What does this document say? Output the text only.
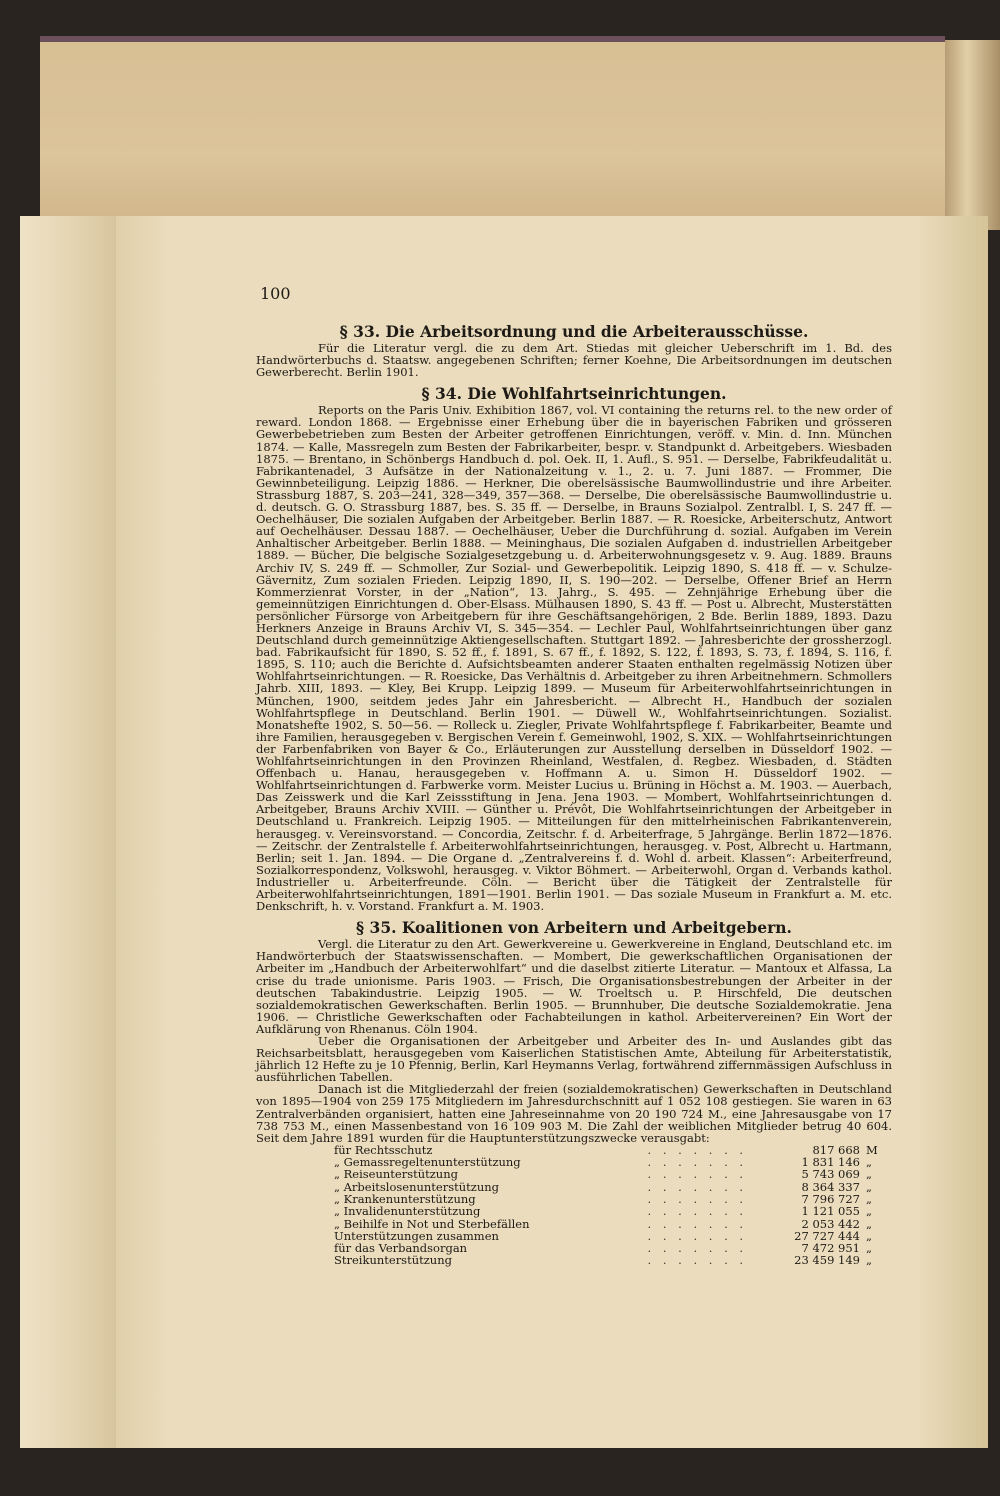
100
§ 33. Die Arbeitsordnung und die Arbeiterausschüsse.

Für die Literatur vergl. die zu dem Art. Stiedas mit gleicher Ueberschrift im 1. Bd. des Handwörterbuchs d. Staatsw. angegebenen Schriften; ferner Koehne, Die Arbeitsordnungen im deutschen Gewerberecht. Berlin 1901.

§ 34. Die Wohlfahrtseinrichtungen.

Reports on the Paris Univ. Exhibition 1867, vol. VI containing the returns rel. to the new order of reward. London 1868. — Ergebnisse einer Erhebung über die in bayerischen Fabriken und grösseren Gewerbebetrieben zum Besten der Arbeiter getroffenen Einrichtungen, veröff. v. Min. d. Inn. München 1874. — Kalle, Massregeln zum Besten der Fabrikarbeiter, bespr. v. Standpunkt d. Arbeitgebers. Wiesbaden 1875. — Brentano, in Schönbergs Handbuch d. pol. Oek. II, 1. Aufl., S. 951. — Derselbe, Fabrikfeudalität u. Fabrikantenadel, 3 Aufsätze in der Nationalzeitung v. 1., 2. u. 7. Juni 1887. — Frommer, Die Gewinnbeteiligung. Leipzig 1886. — Herkner, Die oberelsässische Baumwollindustrie und ihre Arbeiter. Strassburg 1887, S. 203—241, 328—349, 357—368. — Derselbe, Die oberelsässische Baumwollindustrie u. d. deutsch. G. O. Strassburg 1887, bes. S. 35 ff. — Derselbe, in Brauns Sozialpol. Zentralbl. I, S. 247 ff. — Oechelhäuser, Die sozialen Aufgaben der Arbeitgeber. Berlin 1887. — R. Roesicke, Arbeiterschutz, Antwort auf Oechelhäuser. Dessau 1887. — Oechelhäuser, Ueber die Durchführung d. sozial. Aufgaben im Verein Anhaltischer Arbeitgeber. Berlin 1888. — Meininghaus, Die sozialen Aufgaben d. industriellen Arbeitgeber 1889. — Bücher, Die belgische Sozialgesetzgebung u. d. Arbeiterwohnungsgesetz v. 9. Aug. 1889. Brauns Archiv IV, S. 249 ff. — Schmoller, Zur Sozial- und Gewerbepolitik. Leipzig 1890, S. 418 ff. — v. Schulze-Gävernitz, Zum sozialen Frieden. Leipzig 1890, II, S. 190—202. — Derselbe, Offener Brief an Herrn Kommerzienrat Vorster, in der „Nation“, 13. Jahrg., S. 495. — Zehnjährige Erhebung über die gemeinnützigen Einrichtungen d. Ober-Elsass. Mülhausen 1890, S. 43 ff. — Post u. Albrecht, Musterstätten persönlicher Fürsorge von Arbeitgebern für ihre Geschäftsangehörigen, 2 Bde. Berlin 1889, 1893. Dazu Herkners Anzeige in Brauns Archiv VI, S. 345—354. — Lechler Paul, Wohlfahrtseinrichtungen über ganz Deutschland durch gemeinnützige Aktiengesellschaften. Stuttgart 1892. — Jahresberichte der grossherzogl. bad. Fabrikaufsicht für 1890, S. 52 ff., f. 1891, S. 67 ff., f. 1892, S. 122, f. 1893, S. 73, f. 1894, S. 116, f. 1895, S. 110; auch die Berichte d. Aufsichtsbeamten anderer Staaten enthalten regelmässig Notizen über Wohlfahrtseinrichtungen. — R. Roesicke, Das Verhältnis d. Arbeitgeber zu ihren Arbeitnehmern. Schmollers Jahrb. XIII, 1893. — Kley, Bei Krupp. Leipzig 1899. — Museum für Arbeiterwohlfahrtseinrichtungen in München, 1900, seitdem jedes Jahr ein Jahresbericht. — Albrecht H., Handbuch der sozialen Wohlfahrtspflege in Deutschland. Berlin 1901. — Düwell W., Wohlfahrtseinrichtungen. Sozialist. Monatshefte 1902, S. 50—56. — Rolleck u. Ziegler, Private Wohlfahrtspflege f. Fabrikarbeiter, Beamte und ihre Familien, herausgegeben v. Bergischen Verein f. Gemeinwohl, 1902, S. XIX. — Wohlfahrtseinrichtungen der Farbenfabriken von Bayer & Co., Erläuterungen zur Ausstellung derselben in Düsseldorf 1902. — Wohlfahrtseinrichtungen in den Provinzen Rheinland, Westfalen, d. Regbez. Wiesbaden, d. Städten Offenbach u. Hanau, herausgegeben v. Hoffmann A. u. Simon H. Düsseldorf 1902. — Wohlfahrtseinrichtungen d. Farbwerke vorm. Meister Lucius u. Brüning in Höchst a. M. 1903. — Auerbach, Das Zeisswerk und die Karl Zeissstiftung in Jena. Jena 1903. — Mombert, Wohlfahrtseinrichtungen d. Arbeitgeber, Brauns Archiv XVIII. — Günther u. Prévôt, Die Wohlfahrtseinrichtungen der Arbeitgeber in Deutschland u. Frankreich. Leipzig 1905. — Mitteilungen für den mittelrheinischen Fabrikantenverein, herausgeg. v. Vereinsvorstand. — Concordia, Zeitschr. f. d. Arbeiterfrage, 5 Jahrgänge. Berlin 1872—1876. — Zeitschr. der Zentralstelle f. Arbeiterwohlfahrtseinrichtungen, herausgeg. v. Post, Albrecht u. Hartmann, Berlin; seit 1. Jan. 1894. — Die Organe d. „Zentralvereins f. d. Wohl d. arbeit. Klassen“: Arbeiterfreund, Sozialkorrespondenz, Volkswohl, herausgeg. v. Viktor Böhmert. — Arbeiterwohl, Organ d. Verbands kathol. Industrieller u. Arbeiterfreunde. Cöln. — Bericht über die Tätigkeit der Zentralstelle für Arbeiterwohlfahrtseinrichtungen, 1891—1901. Berlin 1901. — Das soziale Museum in Frankfurt a. M. etc. Denkschrift, h. v. Vorstand. Frankfurt a. M. 1903.

§ 35. Koalitionen von Arbeitern und Arbeitgebern.

Vergl. die Literatur zu den Art. Gewerkvereine u. Gewerkvereine in England, Deutschland etc. im Handwörterbuch der Staatswissenschaften. — Mombert, Die gewerkschaftlichen Organisationen der Arbeiter im „Handbuch der Arbeiterwohlfart“ und die daselbst zitierte Literatur. — Mantoux et Alfassa, La crise du trade unionisme. Paris 1903. — Frisch, Die Organisationsbestrebungen der Arbeiter in der deutschen Tabakindustrie. Leipzig 1905. — W. Troeltsch u. P. Hirschfeld, Die deutschen sozialdemokratischen Gewerkschaften. Berlin 1905. — Brunnhuber, Die deutsche Sozialdemokratie. Jena 1906. — Christliche Gewerkschaften oder Fachabteilungen in kathol. Arbeitervereinen? Ein Wort der Aufklärung von Rhenanus. Cöln 1904.

Ueber die Organisationen der Arbeitgeber und Arbeiter des In- und Auslandes gibt das Reichsarbeitsblatt, herausgegeben vom Kaiserlichen Statistischen Amte, Abteilung für Arbeiterstatistik, jährlich 12 Hefte zu je 10 Pfennig, Berlin, Karl Heymanns Verlag, fortwährend ziffernmässigen Aufschluss in ausführlichen Tabellen.

Danach ist die Mitgliederzahl der freien (sozialdemokratischen) Gewerkschaften in Deutschland von 1895—1904 von 259 175 Mitgliedern im Jahresdurchschnitt auf 1 052 108 gestiegen. Sie waren in 63 Zentralverbänden organisiert, hatten eine Jahreseinnahme von 20 190 724 M., eine Jahresausgabe von 17 738 753 M., einen Massenbestand von 16 109 903 M. Die Zahl der weiblichen Mitglieder betrug 40 604. Seit dem Jahre 1891 wurden für die Hauptunterstützungszwecke verausgabt:

für Rechtsschutz	. . . . . . .	817 668	M
„ Gemassregeltenunterstützung	. . . . . . .	1 831 146	„
„ Reiseunterstützung	. . . . . . .	5 743 069	„
„ Arbeitslosenunterstützung	. . . . . . .	8 364 337	„
„ Krankenunterstützung	. . . . . . .	7 796 727	„
„ Invalidenunterstützung	. . . . . . .	1 121 055	„
„ Beihilfe in Not und Sterbefällen	. . . . . . .	2 053 442	„
Unterstützungen zusammen	. . . . . . .	27 727 444	„
für das Verbandsorgan	. . . . . . .	7 472 951	„
Streikunterstützung	. . . . . . .	23 459 149	„
